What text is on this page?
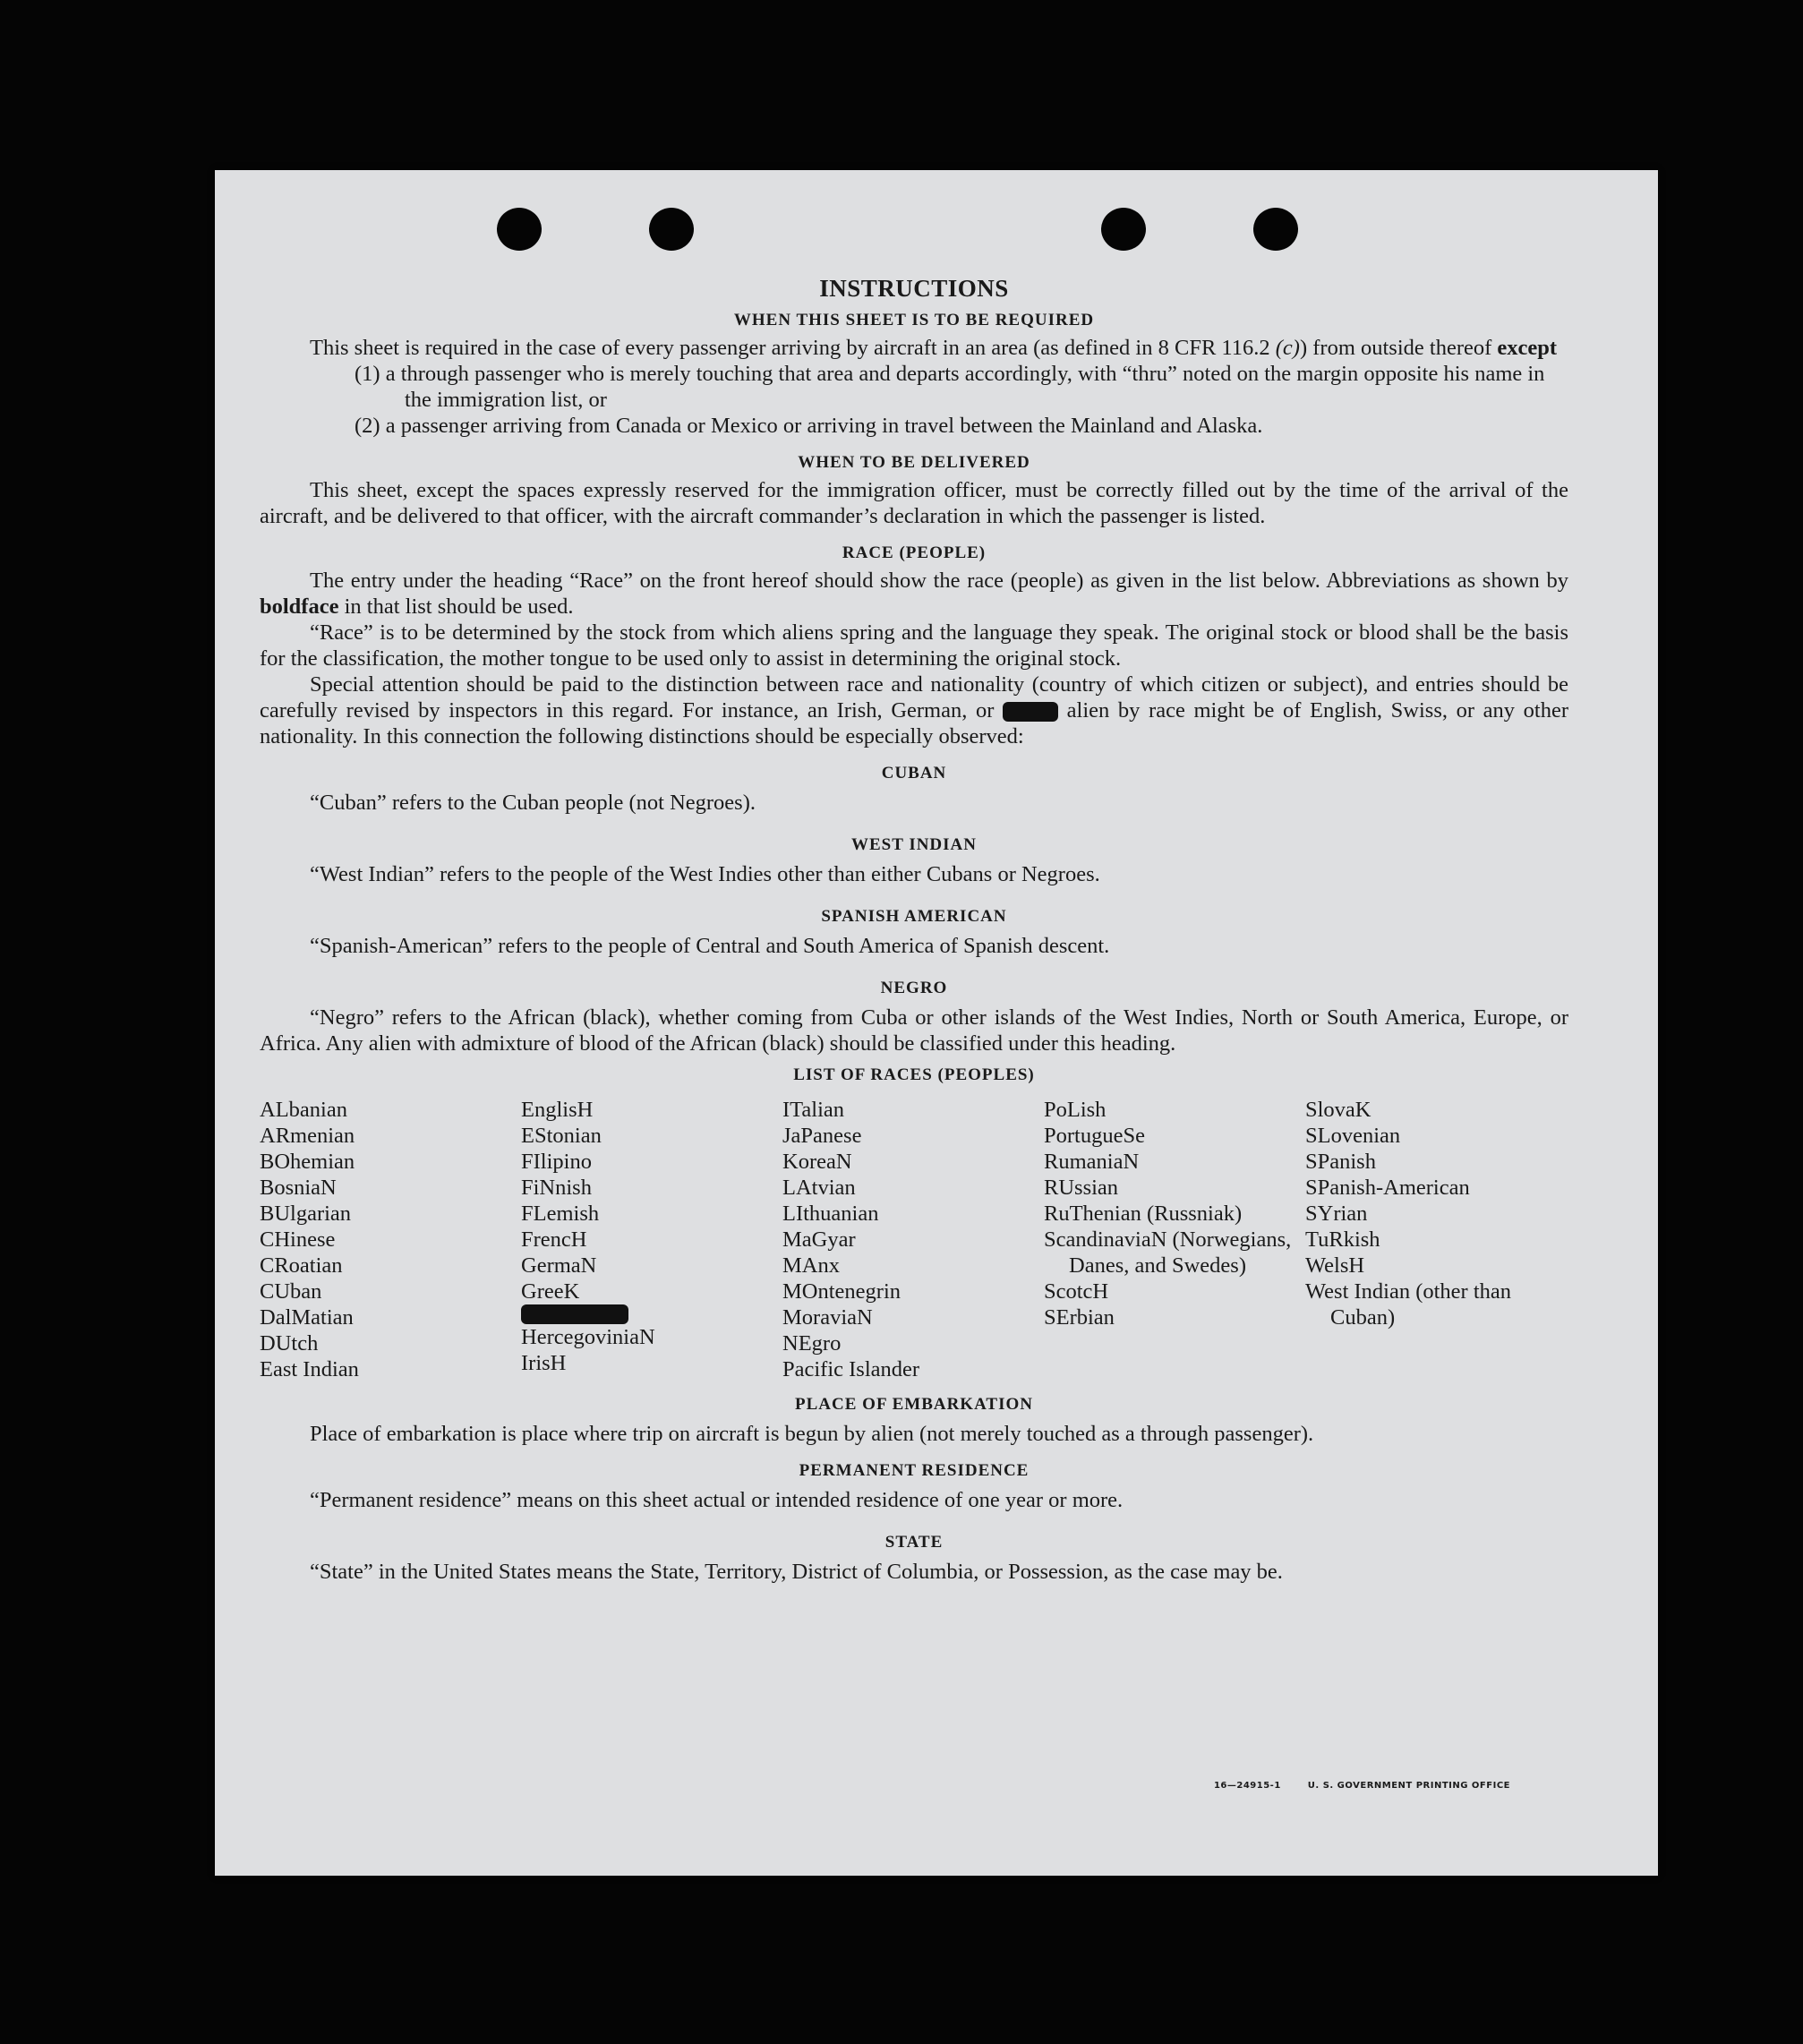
INSTRUCTIONS
WHEN THIS SHEET IS TO BE REQUIRED

This sheet is required in the case of every passenger arriving by aircraft in an area (as defined in 8 CFR 116.2 (c)) from outside thereof except

(1) a through passenger who is merely touching that area and departs accordingly, with “thru” noted on the margin opposite his name in the immigration list, or

(2) a passenger arriving from Canada or Mexico or arriving in travel between the Mainland and Alaska.

WHEN TO BE DELIVERED

This sheet, except the spaces expressly reserved for the immigration officer, must be correctly filled out by the time of the arrival of the aircraft, and be delivered to that officer, with the aircraft commander’s declaration in which the passenger is listed.

RACE (PEOPLE)

The entry under the heading “Race” on the front hereof should show the race (people) as given in the list below. Abbreviations as shown by boldface in that list should be used.

“Race” is to be determined by the stock from which aliens spring and the language they speak. The original stock or blood shall be the basis for the classification, the mother tongue to be used only to assist in determining the original stock.

Special attention should be paid to the distinction between race and nationality (country of which citizen or subject), and entries should be carefully revised by inspectors in this regard. For instance, an Irish, German, or	alien by race might be of English, Swiss, or any other nationality. In this connection the following distinctions should be especially observed:

CUBAN

“Cuban” refers to the Cuban people (not Negroes).

WEST INDIAN

“West Indian” refers to the people of the West Indies other than either Cubans or Negroes.

SPANISH AMERICAN

“Spanish-American” refers to the people of Central and South America of Spanish descent.

NEGRO

“Negro” refers to the African (black), whether coming from Cuba or other islands of the West Indies, North or South America, Europe, or Africa. Any alien with admixture of blood of the African (black) should be classified under this heading.

LIST OF RACES (PEOPLES)
ALbanian
ARmenian
BOhemian
BosniaN
BUlgarian
CHinese
CRoatian
CUban
DalMatian
DUtch
East Indian
EnglisH
EStonian
FIlipino
FiNnish
FLemish
FrencH
GermaN
GreeK
HercegoviniaN
IrisH
ITalian
JaPanese
KoreaN
LAtvian
LIthuanian
MaGyar
MAnx
MOntenegrin
MoraviaN
NEgro
Pacific Islander
PoLish
PortugueSe
RumaniaN
RUssian
RuThenian (Russniak)
ScandinaviaN (Norwegians, Danes, and Swedes)
ScotcH
SErbian
SlovaK
SLovenian
SPanish
SPanish-American
SYrian
TuRkish
WelsH
West Indian (other than Cuban)
PLACE OF EMBARKATION

Place of embarkation is place where trip on aircraft is begun by alien (not merely touched as a through passenger).

PERMANENT RESIDENCE

“Permanent residence” means on this sheet actual or intended residence of one year or more.

STATE

“State” in the United States means the State, Territory, District of Columbia, or Possession, as the case may be.

16—24915-1	U. S. GOVERNMENT PRINTING OFFICE
